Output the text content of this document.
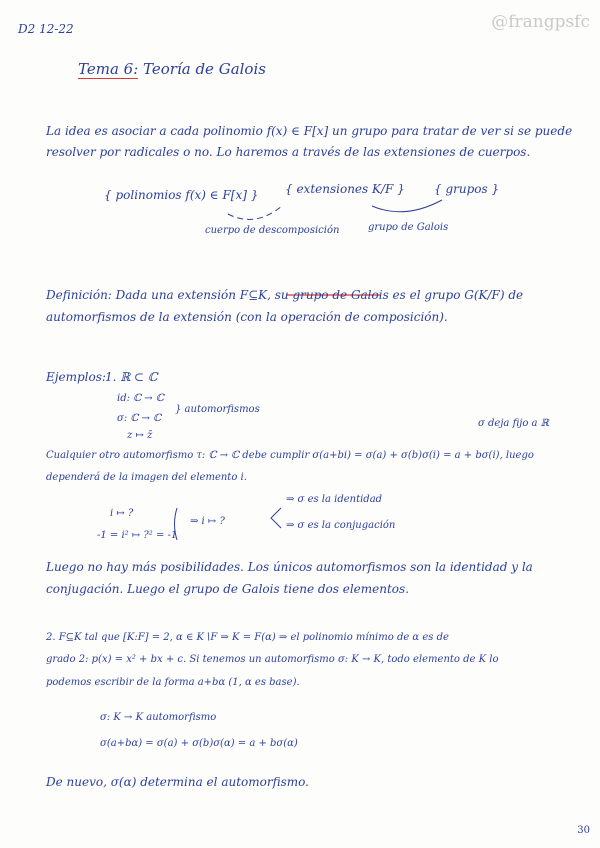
D2 12-22	@frangpsfc
Tema 6: Teoría de Galois
La idea es asociar a cada polinomio f(x) ∈ F[x] un grupo para tratar de ver si se puede
resolver por radicales o no. Lo haremos a través de las extensiones de cuerpos.
{ polinomios f(x) ∈ F[x] } { extensiones K/F } { grupos }
cuerpo de descomposición	grupo de Galois
Definición: Dada una extensión F⊆K, su grupo de Galois es el grupo G(K/F) de
automorfismos de la extensión (con la operación de composición).
Ejemplos: 1. ℝ ⊂ ℂ
id: ℂ → ℂ
σ: ℂ → ℂ
z ↦ z̄
} automorfismos
σ deja fijo a ℝ
Cualquier otro automorfismo τ: ℂ → ℂ debe cumplir σ(a+bi) = σ(a) + σ(b)σ(i) = a + bσ(i), luego
dependerá de la imagen del elemento i.
i ↦ ?
-1 = i² ↦ ?² = -1
⇒ i ↦ ?
⇒ σ es la identidad
⇒ σ es la conjugación
Luego no hay más posibilidades. Los únicos automorfismos son la identidad y la
conjugación. Luego el grupo de Galois tiene dos elementos.
2. F⊆K tal que [K:F] = 2, α ∈ K∖F ⇒ K = F(α) ⇒ el polinomio mínimo de α es de
grado 2: p(x) = x² + bx + c. Si tenemos un automorfismo σ: K → K, todo elemento de K lo
podemos escribir de la forma a+bα (1, α es base).
σ: K → K automorfismo
σ(a+bα) = σ(a) + σ(b)σ(α) = a + bσ(α)
De nuevo, σ(α) determina el automorfismo.
30
